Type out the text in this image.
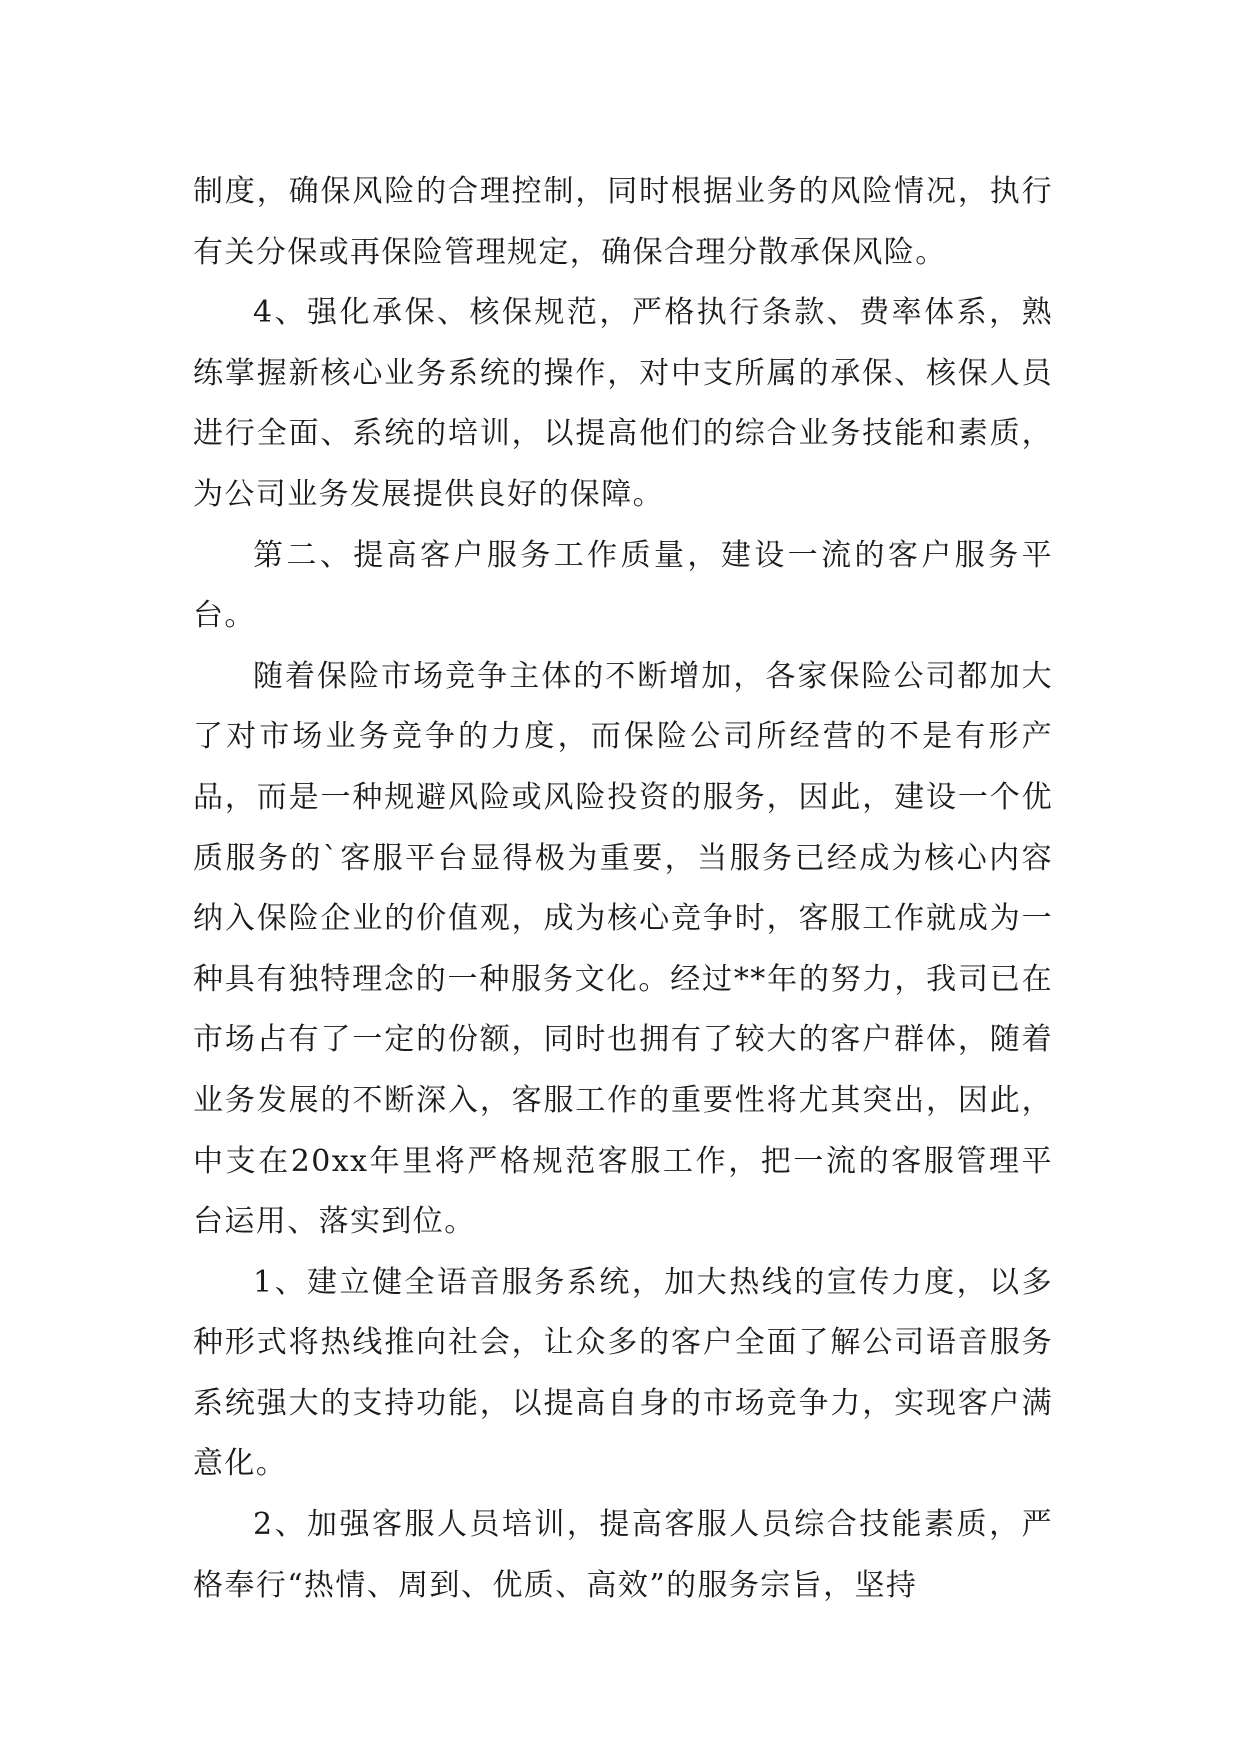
制度，确保风险的合理控制，同时根据业务的风险情况，执行有关分保或再保险管理规定，确保合理分散承保风险。

4、强化承保、核保规范，严格执行条款、费率体系，熟练掌握新核心业务系统的操作，对中支所属的承保、核保人员进行全面、系统的培训，以提高他们的综合业务技能和素质，为公司业务发展提供良好的保障。

第二、提高客户服务工作质量，建设一流的客户服务平台。

随着保险市场竞争主体的不断增加，各家保险公司都加大了对市场业务竞争的力度，而保险公司所经营的不是有形产品，而是一种规避风险或风险投资的服务，因此，建设一个优质服务的`客服平台显得极为重要，当服务已经成为核心内容纳入保险企业的价值观，成为核心竞争时，客服工作就成为一种具有独特理念的一种服务文化。经过**年的努力，我司已在市场占有了一定的份额，同时也拥有了较大的客户群体，随着业务发展的不断深入，客服工作的重要性将尤其突出，因此，中支在20xx年里将严格规范客服工作，把一流的客服管理平台运用、落实到位。

1、建立健全语音服务系统，加大热线的宣传力度，以多种形式将热线推向社会，让众多的客户全面了解公司语音服务系统强大的支持功能，以提高自身的市场竞争力，实现客户满意化。

2、加强客服人员培训，提高客服人员综合技能素质，严格奉行“热情、周到、优质、高效”的服务宗旨，坚持
